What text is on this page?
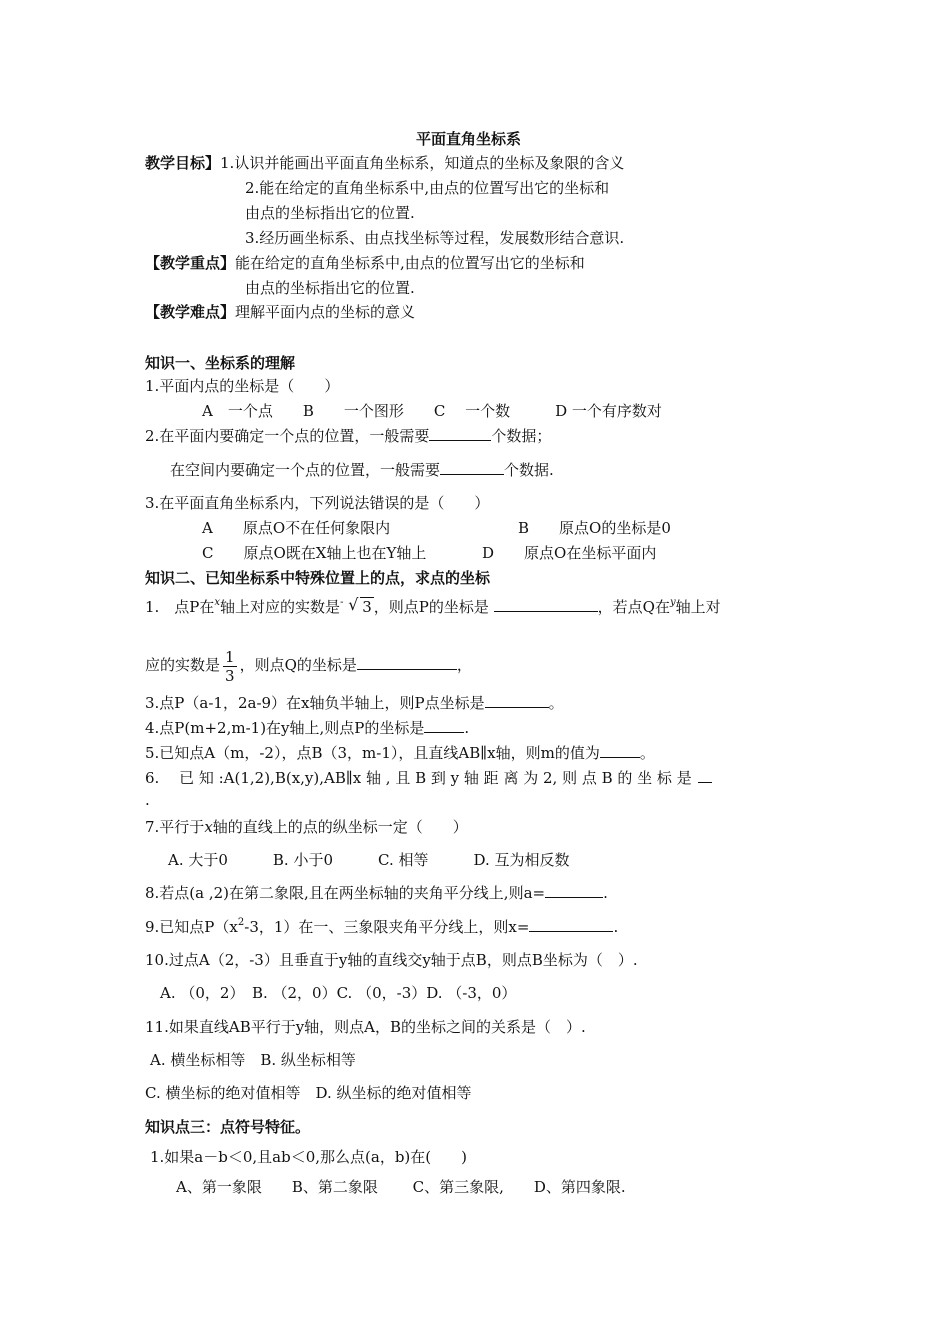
平面直角坐标系
教学目标】1.认识并能画出平面直角坐标系，知道点的坐标及象限的含义
2.能在给定的直角坐标系中,由点的位置写出它的坐标和
由点的坐标指出它的位置.
3.经历画坐标系、由点找坐标等过程，发展数形结合意识.
【教学重点】能在给定的直角坐标系中,由点的位置写出它的坐标和
由点的坐标指出它的位置.
【教学难点】理解平面内点的坐标的意义
知识一、坐标系的理解
1.平面内点的坐标是（　　）
A　一个点　　B　　一个图形　　C　 一个数　　　D 一个有序数对
2.在平面内要确定一个点的位置，一般需要	个数据；
在空间内要确定一个点的位置，一般需要	个数据.
3.在平面直角坐标系内，下列说法错误的是（　　）
A　　原点O不在任何象限内	B　　原点O的坐标是0
C　　原点O既在X轴上也在Y轴上	D　　原点O在坐标平面内
知识二、已知坐标系中特殊位置上的点，求点的坐标
1.　点P在$^x$轴上对应的实数是- √ 3 ，则点P的坐标是	，若点Q在$^y$轴上对
应的实数是 $\frac{1}{3}$ ，则点Q的坐标是	，
3.点P（a-1，2a-9）在x轴负半轴上，则P点坐标是	。
4.点P(m+2,m-1)在y轴上,则点P的坐标是	.
5.已知点A（m，-2），点B（3，m-1），且直线AB∥x轴，则m的值为	。
6.　 已 知 :A(1,2),B(x,y),AB∥x 轴 , 且 B 到 y 轴 距 离 为 2, 则 点 B 的 坐 标 是
.
7.平行于x轴的直线上的点的纵坐标一定（　　）
A. 大于0　　　B. 小于0　　　C. 相等　　　D. 互为相反数
8.若点(a ,2)在第二象限,且在两坐标轴的夹角平分线上,则a=	.
9.已知点$P(x^2-3$，1）在一、三象限夹角平分线上，则x=	.
10.过点A（2，-3）且垂直于y轴的直线交y轴于点B，则点B坐标为（　）.
A. （0，2）　B. （2，0）C. （0，-3）D. （-3，0）
11.如果直线AB平行于y轴，则点A，B的坐标之间的关系是（　）.
A. 横坐标相等　B. 纵坐标相等
C. 横坐标的绝对值相等　D. 纵坐标的绝对值相等
知识点三：点符号特征。
1.如果a－b＜0,且ab＜0,那么点(a，b)在(　　)
A、第一象限　　B、第二象限　　 C、第三象限,　　D、第四象限.
